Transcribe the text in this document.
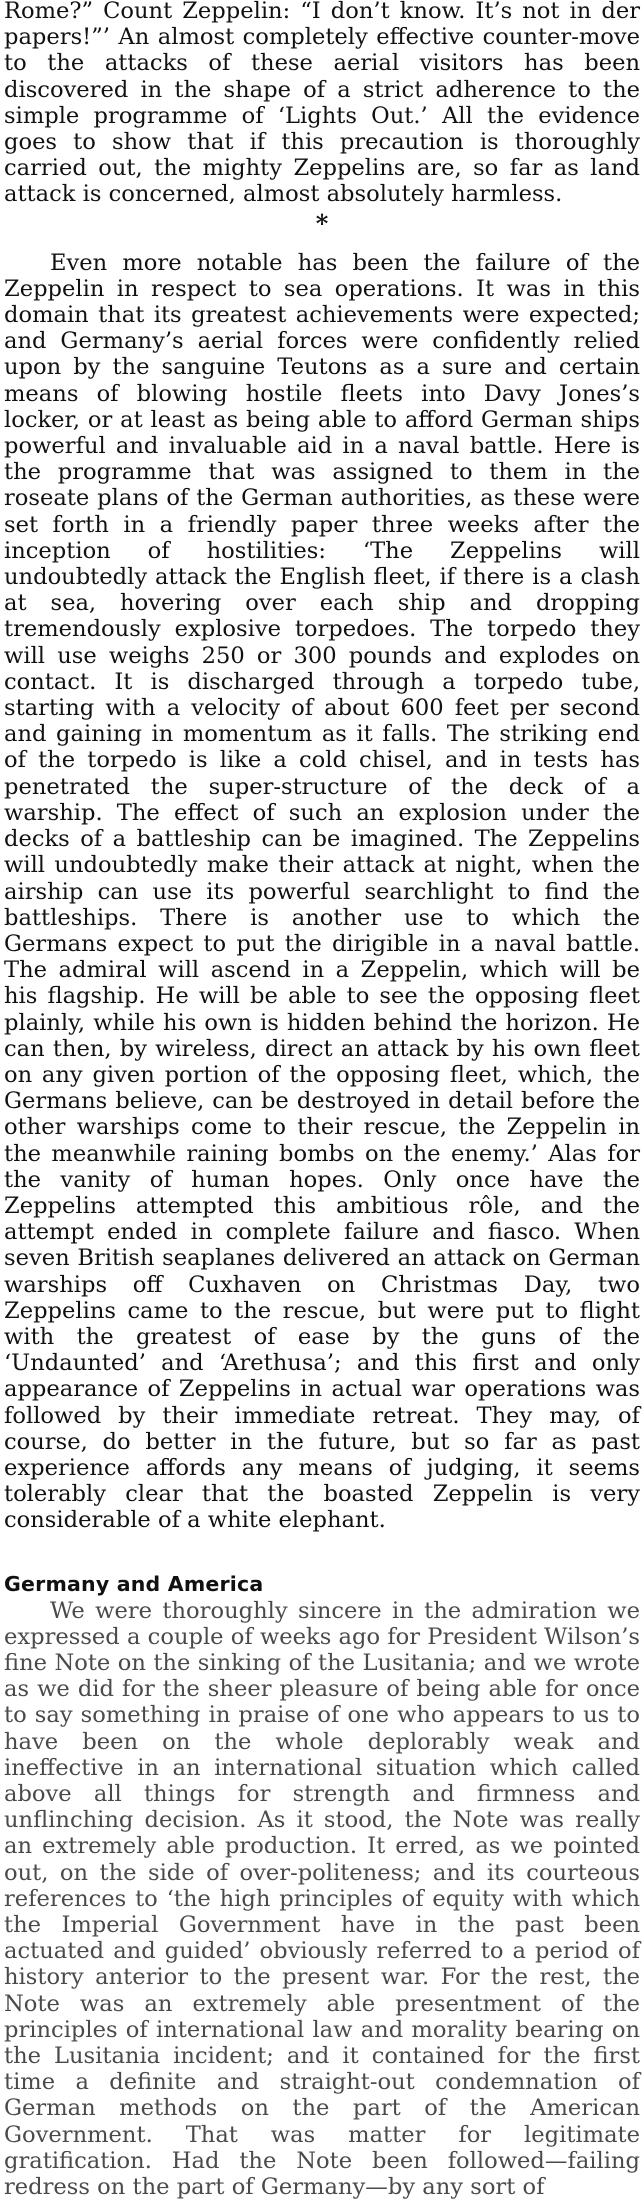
Rome?” Count Zeppelin: “I don’t know. It’s not in der papers!”’ An almost completely effective counter-move to the attacks of these aerial visitors has been discovered in the shape of a strict adherence to the simple programme of ‘Lights Out.’ All the evidence goes to show that if this precaution is thoroughly carried out, the mighty Zeppelins are, so far as land attack is concerned, almost absolutely harmless.

*

Even more notable has been the failure of the Zeppelin in respect to sea operations. It was in this domain that its greatest achievements were expected; and Germany’s aerial forces were confidently relied upon by the sanguine Teutons as a sure and certain means of blowing hostile fleets into Davy Jones’s locker, or at least as being able to afford German ships powerful and invaluable aid in a naval battle. Here is the programme that was assigned to them in the roseate plans of the German authorities, as these were set forth in a friendly paper three weeks after the inception of hostilities: ‘The Zeppelins will undoubtedly attack the English fleet, if there is a clash at sea, hovering over each ship and dropping tremendously explosive torpedoes. The torpedo they will use weighs 250 or 300 pounds and explodes on contact. It is discharged through a torpedo tube, starting with a velocity of about 600 feet per second and gaining in momentum as it falls. The striking end of the torpedo is like a cold chisel, and in tests has penetrated the super-structure of the deck of a warship. The effect of such an explosion under the decks of a battleship can be imagined. The Zeppelins will undoubtedly make their attack at night, when the airship can use its powerful searchlight to find the battleships. There is another use to which the Germans expect to put the dirigible in a naval battle. The admiral will ascend in a Zeppelin, which will be his flagship. He will be able to see the opposing fleet plainly, while his own is hidden behind the horizon. He can then, by wireless, direct an attack by his own fleet on any given portion of the opposing fleet, which, the Germans believe, can be destroyed in detail before the other warships come to their rescue, the Zeppelin in the meanwhile raining bombs on the enemy.’ Alas for the vanity of human hopes. Only once have the Zeppelins attempted this ambitious rôle, and the attempt ended in complete failure and fiasco. When seven British seaplanes delivered an attack on German warships off Cuxhaven on Christmas Day, two Zeppelins came to the rescue, but were put to flight with the greatest of ease by the guns of the ‘Undaunted’ and ‘Arethusa’; and this first and only appearance of Zeppelins in actual war operations was followed by their immediate retreat. They may, of course, do better in the future, but so far as past experience affords any means of judging, it seems tolerably clear that the boasted Zeppelin is very considerable of a white elephant.

Germany and America

We were thoroughly sincere in the admiration we expressed a couple of weeks ago for President Wilson’s fine Note on the sinking of the Lusitania; and we wrote as we did for the sheer pleasure of being able for once to say something in praise of one who appears to us to have been on the whole deplorably weak and ineffective in an international situation which called above all things for strength and firmness and unflinching decision. As it stood, the Note was really an extremely able production. It erred, as we pointed out, on the side of over-politeness; and its courteous references to ‘the high principles of equity with which the Imperial Government have in the past been actuated and guided’ obviously referred to a period of history anterior to the present war. For the rest, the Note was an extremely able presentment of the principles of international law and morality bearing on the Lusitania incident; and it contained for the first time a definite and straight-out condemnation of German methods on the part of the American Government. That was matter for legitimate gratification. Had the Note been followed—failing redress on the part of Germany—by any sort of
